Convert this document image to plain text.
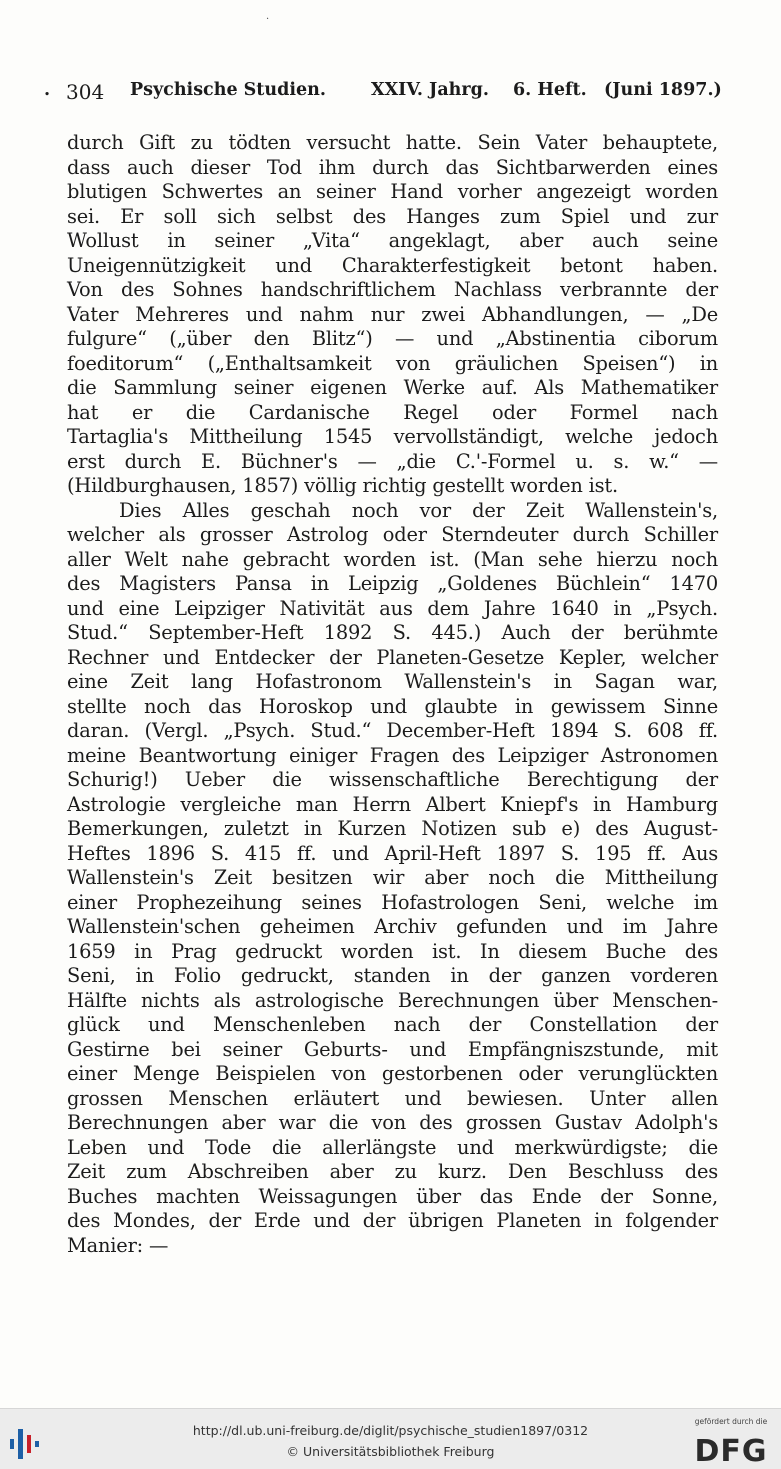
·
. 304 Psychische Studien.	XXIV. Jahrg. 6. Heft. (Juni 1897.)
durch Gift zu tödten versucht hatte. Sein Vater behauptete,
dass auch dieser Tod ihm durch das Sichtbarwerden eines
blutigen Schwertes an seiner Hand vorher angezeigt worden
sei. Er soll sich selbst des Hanges zum Spiel und zur
Wollust in seiner „Vita“ angeklagt, aber auch seine
Uneigennützigkeit und Charakterfestigkeit betont haben.
Von des Sohnes handschriftlichem Nachlass verbrannte der
Vater Mehreres und nahm nur zwei Abhandlungen, — „De
fulgure“ („über den Blitz“) — und „Abstinentia ciborum
foeditorum“ („Enthaltsamkeit von gräulichen Speisen“) in
die Sammlung seiner eigenen Werke auf. Als Mathematiker
hat er die Cardanische Regel oder Formel nach
Tartaglia's Mittheilung 1545 vervollständigt, welche jedoch
erst durch E. Büchner's — „die C.'-Formel u. s. w.“ —
(Hildburghausen, 1857) völlig richtig gestellt worden ist.
Dies Alles geschah noch vor der Zeit Wallenstein's,
welcher als grosser Astrolog oder Sterndeuter durch Schiller
aller Welt nahe gebracht worden ist. (Man sehe hierzu noch
des Magisters Pansa in Leipzig „Goldenes Büchlein“ 1470
und eine Leipziger Nativität aus dem Jahre 1640 in „Psych.
Stud.“ September-Heft 1892 S. 445.) Auch der berühmte
Rechner und Entdecker der Planeten-Gesetze Kepler, welcher
eine Zeit lang Hofastronom Wallenstein's in Sagan war,
stellte noch das Horoskop und glaubte in gewissem Sinne
daran. (Vergl. „Psych. Stud.“ December-Heft 1894 S. 608 ff.
meine Beantwortung einiger Fragen des Leipziger Astronomen
Schurig!) Ueber die wissenschaftliche Berechtigung der
Astrologie vergleiche man Herrn Albert Kniepf's in Hamburg
Bemerkungen, zuletzt in Kurzen Notizen sub e) des August-
Heftes 1896 S. 415 ff. und April-Heft 1897 S. 195 ff. Aus
Wallenstein's Zeit besitzen wir aber noch die Mittheilung
einer Prophezeihung seines Hofastrologen Seni, welche im
Wallenstein'schen geheimen Archiv gefunden und im Jahre
1659 in Prag gedruckt worden ist. In diesem Buche des
Seni, in Folio gedruckt, standen in der ganzen vorderen
Hälfte nichts als astrologische Berechnungen über Menschen-
glück und Menschenleben nach der Constellation der
Gestirne bei seiner Geburts- und Empfängniszstunde, mit
einer Menge Beispielen von gestorbenen oder verunglückten
grossen Menschen erläutert und bewiesen. Unter allen
Berechnungen aber war die von des grossen Gustav Adolph's
Leben und Tode die allerlängste und merkwürdigste; die
Zeit zum Abschreiben aber zu kurz. Den Beschluss des
Buches machten Weissagungen über das Ende der Sonne,
des Mondes, der Erde und der übrigen Planeten in folgender
Manier: —
http://dl.ub.uni-freiburg.de/diglit/psychische_studien1897/0312
© Universitätsbibliothek Freiburg
gefördert durch die
DFG
